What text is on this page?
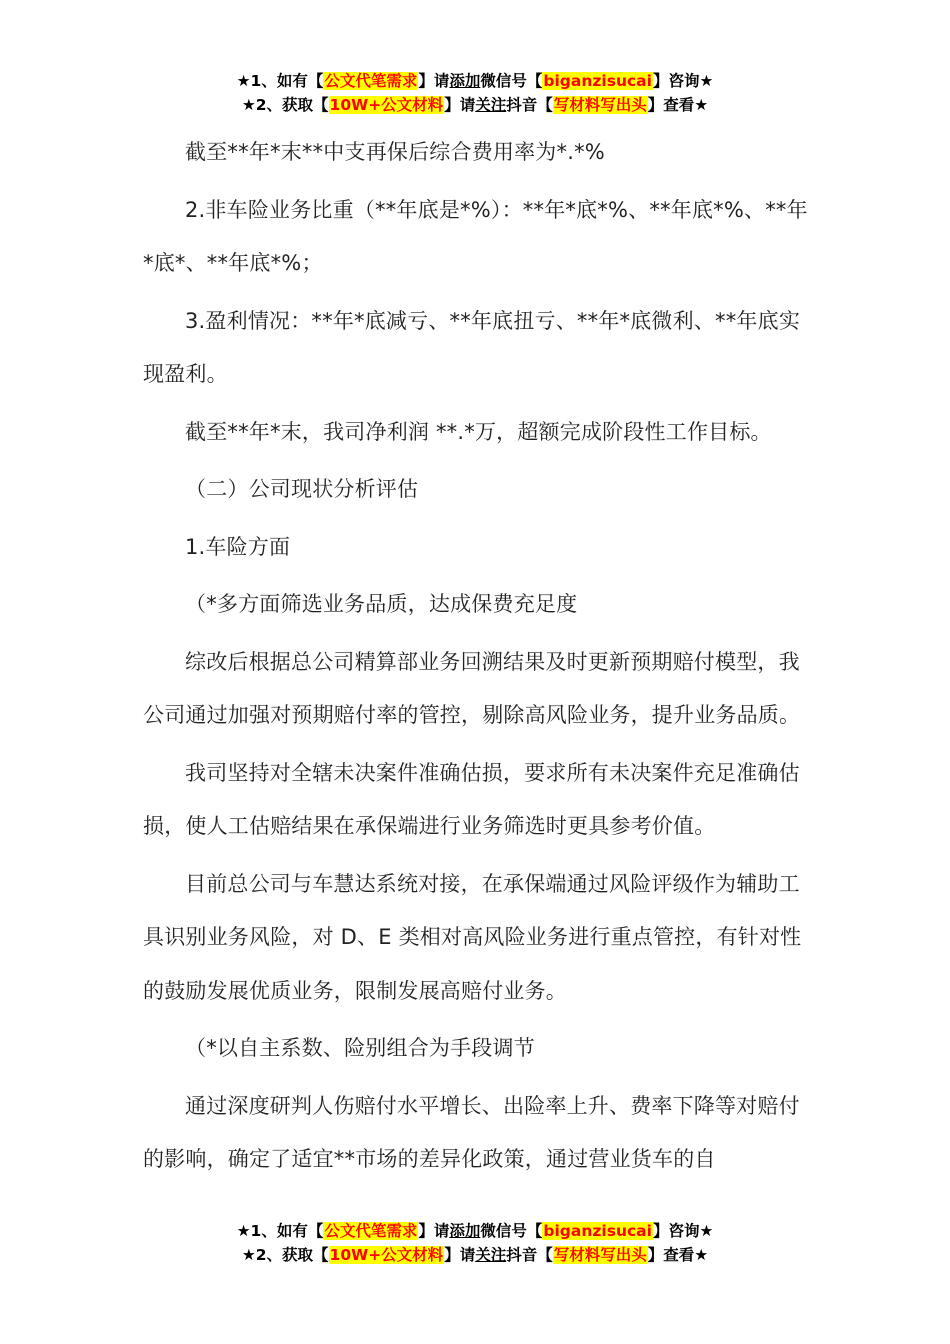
★1、如有【公文代笔需求】请添加微信号【biganzisucai】咨询★
★2、获取【10W+公文材料】请关注抖音【写材料写出头】查看★

截至**年*末**中支再保后综合费用率为*.*%

2.非车险业务比重（**年底是*%）：**年*底*%、**年底*%、**年*底*、**年底*%；

3.盈利情况：**年*底减亏、**年底扭亏、**年*底微利、**年底实现盈利。

截至**年*末，我司净利润 **.*万，超额完成阶段性工作目标。

（二）公司现状分析评估

1.车险方面

（*多方面筛选业务品质，达成保费充足度

综改后根据总公司精算部业务回溯结果及时更新预期赔付模型，我公司通过加强对预期赔付率的管控，剔除高风险业务，提升业务品质。

我司坚持对全辖未决案件准确估损，要求所有未决案件充足准确估损，使人工估赔结果在承保端进行业务筛选时更具参考价值。

目前总公司与车慧达系统对接，在承保端通过风险评级作为辅助工具识别业务风险，对 D、E 类相对高风险业务进行重点管控，有针对性的鼓励发展优质业务，限制发展高赔付业务。

（*以自主系数、险别组合为手段调节

通过深度研判人伤赔付水平增长、出险率上升、费率下降等对赔付的影响，确定了适宜**市场的差异化政策，通过营业货车的自

★1、如有【公文代笔需求】请添加微信号【biganzisucai】咨询★
★2、获取【10W+公文材料】请关注抖音【写材料写出头】查看★
